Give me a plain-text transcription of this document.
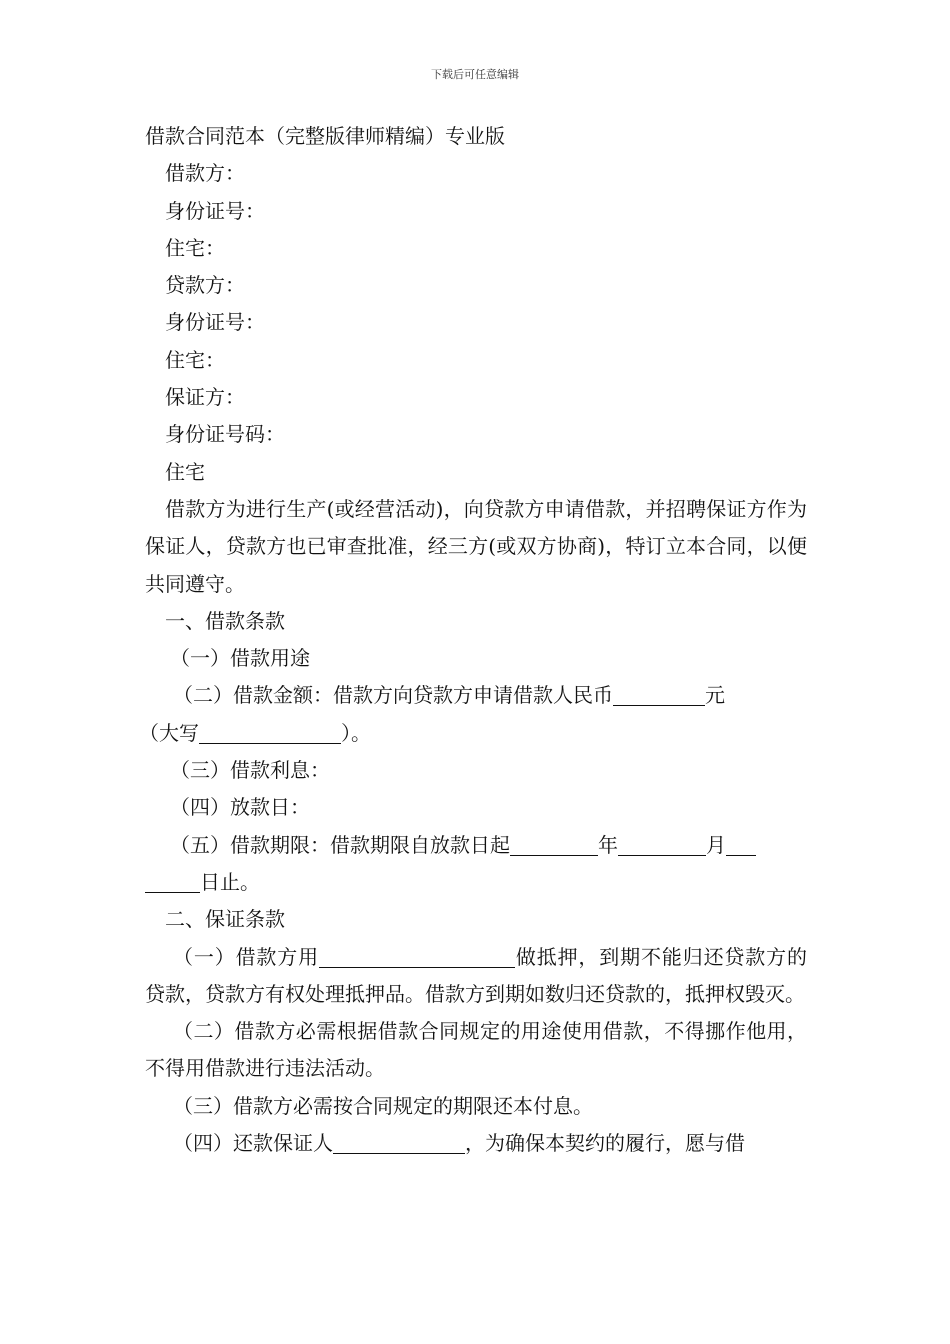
下载后可任意编辑

借款合同范本（完整版律师精编）专业版

借款方：

身份证号：

住宅：

贷款方：

身份证号：

住宅：

保证方：

身份证号码：

住宅

借款方为进行生产(或经营活动)，向贷款方申请借款，并招聘保证方作为保证人，贷款方也已审查批准，经三方(或双方协商)，特订立本合同，以便共同遵守。

一、借款条款

（一）借款用途

（二）借款金额：借款方向贷款方申请借款人民币	元
（大写	）。

（三）借款利息：

（四）放款日：

（五）借款期限：借款期限自放款日起	年	月
日止。

二、保证条款

（一）借款方用	做抵押，到期不能归还贷款方的贷款，贷款方有权处理抵押品。借款方到期如数归还贷款的，抵押权毁灭。

（二）借款方必需根据借款合同规定的用途使用借款，不得挪作他用，不得用借款进行违法活动。

（三）借款方必需按合同规定的期限还本付息。

（四）还款保证人	，为确保本契约的履行，愿与借
